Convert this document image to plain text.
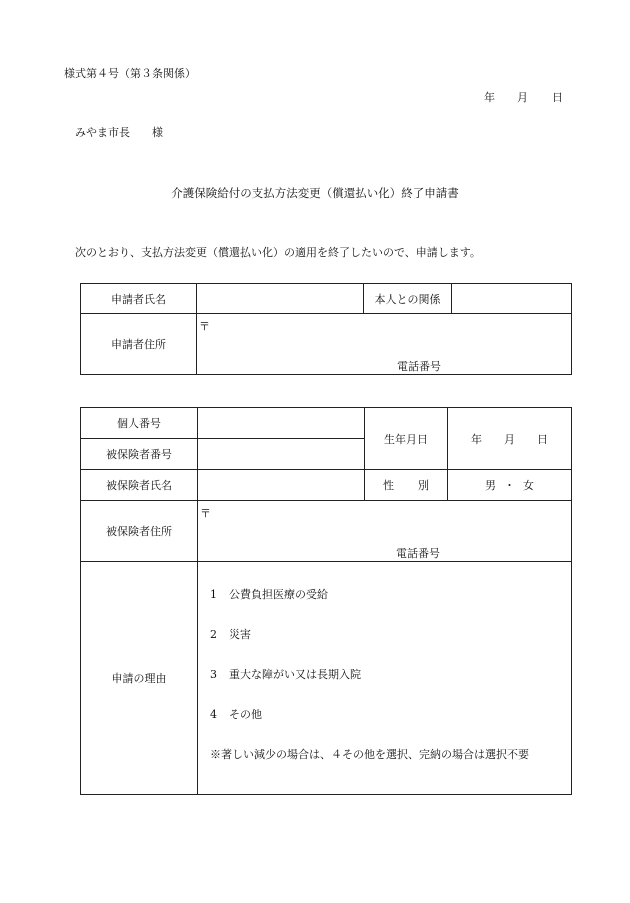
様式第４号（第３条関係）
年 月 日
みやま市長 様
介護保険給付の支払方法変更（償還払い化）終了申請書
次のとおり、支払方法変更（償還払い化）の適用を終了したいので、申請します。
申請者氏名		本人との関係	
申請者住所	〒
電話番号		
個人番号		生年月日	年 月 日
被保険者番号			
被保険者氏名		性 別	男 ・ 女
被保険者住所	〒
電話番号		

申請の理由	1 公費負担医療の受給
2 災害
3 重大な障がい又は長期入院
4 その他
※著しい減少の場合は、４その他を選択、完納の場合は選択不要		
